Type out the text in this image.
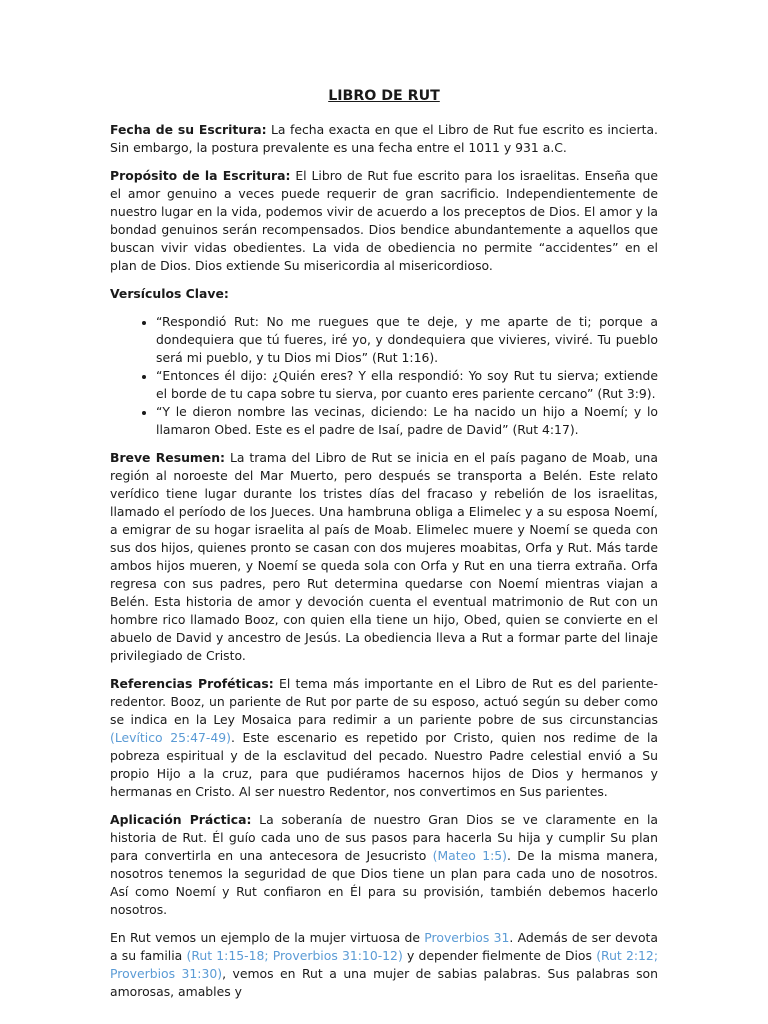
LIBRO DE RUT

Fecha de su Escritura: La fecha exacta en que el Libro de Rut fue escrito es incierta. Sin embargo, la postura prevalente es una fecha entre el 1011 y 931 a.C.

Propósito de la Escritura: El Libro de Rut fue escrito para los israelitas. Enseña que el amor genuino a veces puede requerir de gran sacrificio. Independientemente de nuestro lugar en la vida, podemos vivir de acuerdo a los preceptos de Dios. El amor y la bondad genuinos serán recompensados. Dios bendice abundantemente a aquellos que buscan vivir vidas obedientes. La vida de obediencia no permite “accidentes” en el plan de Dios. Dios extiende Su misericordia al misericordioso.

Versículos Clave:

• “Respondió Rut: No me ruegues que te deje, y me aparte de ti; porque a dondequiera que tú fueres, iré yo, y dondequiera que vivieres, viviré. Tu pueblo será mi pueblo, y tu Dios mi Dios” (Rut 1:16).
• “Entonces él dijo: ¿Quién eres? Y ella respondió: Yo soy Rut tu sierva; extiende el borde de tu capa sobre tu sierva, por cuanto eres pariente cercano” (Rut 3:9).
• “Y le dieron nombre las vecinas, diciendo: Le ha nacido un hijo a Noemí; y lo llamaron Obed. Este es el padre de Isaí, padre de David” (Rut 4:17).

Breve Resumen: La trama del Libro de Rut se inicia en el país pagano de Moab, una región al noroeste del Mar Muerto, pero después se transporta a Belén. Este relato verídico tiene lugar durante los tristes días del fracaso y rebelión de los israelitas, llamado el período de los Jueces. Una hambruna obliga a Elimelec y a su esposa Noemí, a emigrar de su hogar israelita al país de Moab. Elimelec muere y Noemí se queda con sus dos hijos, quienes pronto se casan con dos mujeres moabitas, Orfa y Rut. Más tarde ambos hijos mueren, y Noemí se queda sola con Orfa y Rut en una tierra extraña. Orfa regresa con sus padres, pero Rut determina quedarse con Noemí mientras viajan a Belén. Esta historia de amor y devoción cuenta el eventual matrimonio de Rut con un hombre rico llamado Booz, con quien ella tiene un hijo, Obed, quien se convierte en el abuelo de David y ancestro de Jesús. La obediencia lleva a Rut a formar parte del linaje privilegiado de Cristo.

Referencias Proféticas: El tema más importante en el Libro de Rut es del pariente-redentor. Booz, un pariente de Rut por parte de su esposo, actuó según su deber como se indica en la Ley Mosaica para redimir a un pariente pobre de sus circunstancias (Levítico 25:47-49). Este escenario es repetido por Cristo, quien nos redime de la pobreza espiritual y de la esclavitud del pecado. Nuestro Padre celestial envió a Su propio Hijo a la cruz, para que pudiéramos hacernos hijos de Dios y hermanos y hermanas en Cristo. Al ser nuestro Redentor, nos convertimos en Sus parientes.

Aplicación Práctica: La soberanía de nuestro Gran Dios se ve claramente en la historia de Rut. Él guío cada uno de sus pasos para hacerla Su hija y cumplir Su plan para convertirla en una antecesora de Jesucristo (Mateo 1:5). De la misma manera, nosotros tenemos la seguridad de que Dios tiene un plan para cada uno de nosotros. Así como Noemí y Rut confiaron en Él para su provisión, también debemos hacerlo nosotros.

En Rut vemos un ejemplo de la mujer virtuosa de Proverbios 31. Además de ser devota a su familia (Rut 1:15-18; Proverbios 31:10-12) y depender fielmente de Dios (Rut 2:12; Proverbios 31:30), vemos en Rut a una mujer de sabias palabras. Sus palabras son amorosas, amables y
